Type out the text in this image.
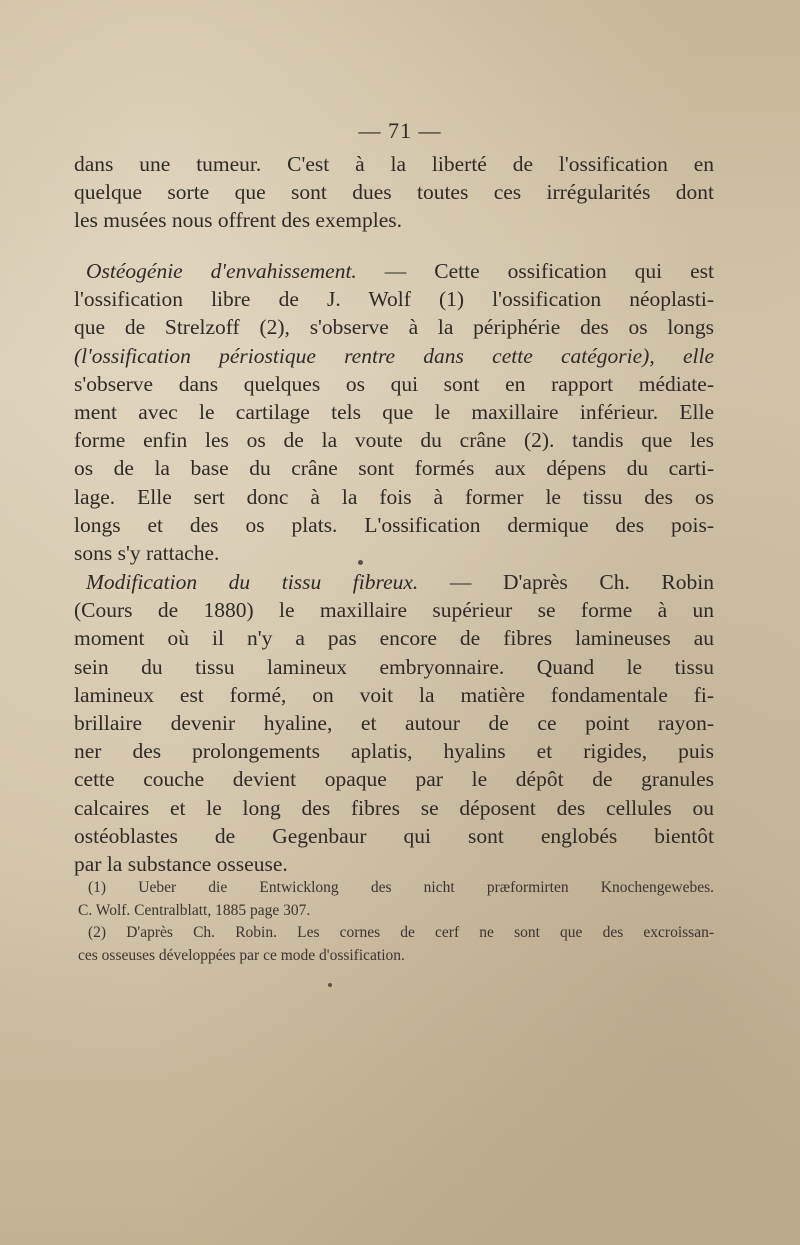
— 71 —
dans une tumeur. C'est à la liberté de l'ossification en
quelque sorte que sont dues toutes ces irrégularités dont
les musées nous offrent des exemples.
Ostéogénie d'envahissement. — Cette ossification qui est
l'ossification libre de J. Wolf (1) l'ossification néoplasti-
que de Strelzoff (2), s'observe à la périphérie des os longs
(l'ossification périostique rentre dans cette catégorie), elle
s'observe dans quelques os qui sont en rapport médiate-
ment avec le cartilage tels que le maxillaire inférieur. Elle
forme enfin les os de la voute du crâne (2). tandis que les
os de la base du crâne sont formés aux dépens du carti-
lage. Elle sert donc à la fois à former le tissu des os
longs et des os plats. L'ossification dermique des pois-
sons s'y rattache.
Modification du tissu fibreux. — D'après Ch. Robin
(Cours de 1880) le maxillaire supérieur se forme à un
moment où il n'y a pas encore de fibres lamineuses au
sein du tissu lamineux embryonnaire. Quand le tissu
lamineux est formé, on voit la matière fondamentale fi-
brillaire devenir hyaline, et autour de ce point rayon-
ner des prolongements aplatis, hyalins et rigides, puis
cette couche devient opaque par le dépôt de granules
calcaires et le long des fibres se déposent des cellules ou
ostéoblastes de Gegenbaur qui sont englobés bientôt
par la substance osseuse.
(1) Ueber die Entwicklong des nicht præformirten Knochengewebes.
C. Wolf. Centralblatt, 1885 page 307.
(2) D'après Ch. Robin. Les cornes de cerf ne sont que des excroissan-
ces osseuses développées par ce mode d'ossification.
